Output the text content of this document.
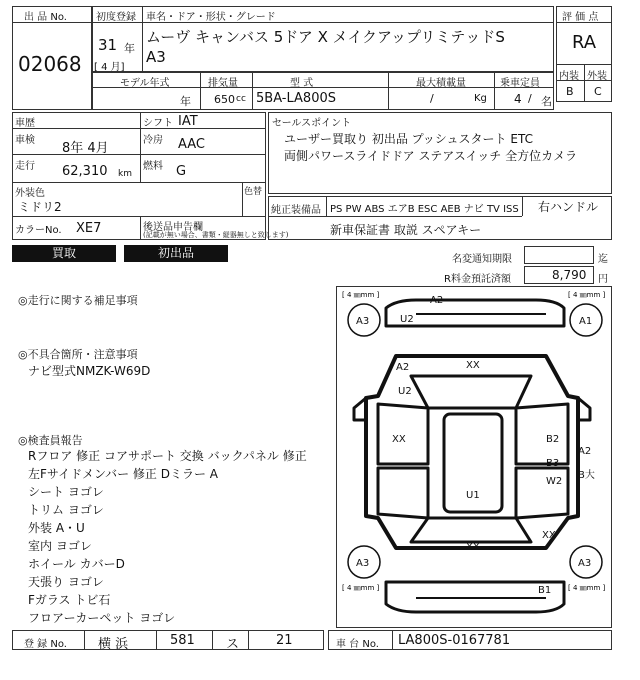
出 品 No.
02068
初度登録 車名・ドア・形状・グレード
31 年
[ 4 月]
ムーヴ キャンバス 5ドア X メイクアップリミテッドS
A3
評 価 点
RA
内装 外装
B C
モデル年式	排気量	型 式	最大積載量	乗車定員
年 650 cc 5BA-LA800S	/	Kg 4 / 名
車歴	シフト IAT
車検
8年 4月
冷房 AAC
走行 62,310 km
燃料 G
外装色
ミドリ2
色替
カラーNo. XE7	後送品申告欄
(記載が無い場合、書類・縦器無しと致します)
セールスポイント
ユーザー買取り 初出品 プッシュスタート ETC
両側パワースライドドア ステアスイッチ 全方位カメラ
純正装備品 PS PW ABS エアB ESC AEB ナビ TV ISS 右ハンドル
新車保証書 取説 スペアキー
買取	初出品	名変通知期限	迄
R料金預託済額	8,790 円
◎走行に関する補足事項
◎不具合箇所・注意事項
ナビ型式NMZK-W69D
◎検査員報告
Rフロア 修正 コアサポート 交換 バックパネル 修正
左Fサイドメンバー 修正 Dミラー A
シート ヨゴレ
トリム ヨゴレ
外装 A・U
室内 ヨゴレ
ホイール カバーD
天張り ヨゴレ
Fガラス トビ石
フロアーカーペット ヨゴレ
[ 4 ㎜mm ]	[ 4 ㎜mm ]
[ 4 ㎜mm ]	[ 4 ㎜mm ]
A2
A3	A1
U2
A2
U2
XX
XX	B2
A2
B3
B大
W2
U1
XX
XX
A3	A3
B1
登 録 No. 横 浜	581 ス	21	車 台 No. LA800S-0167781
